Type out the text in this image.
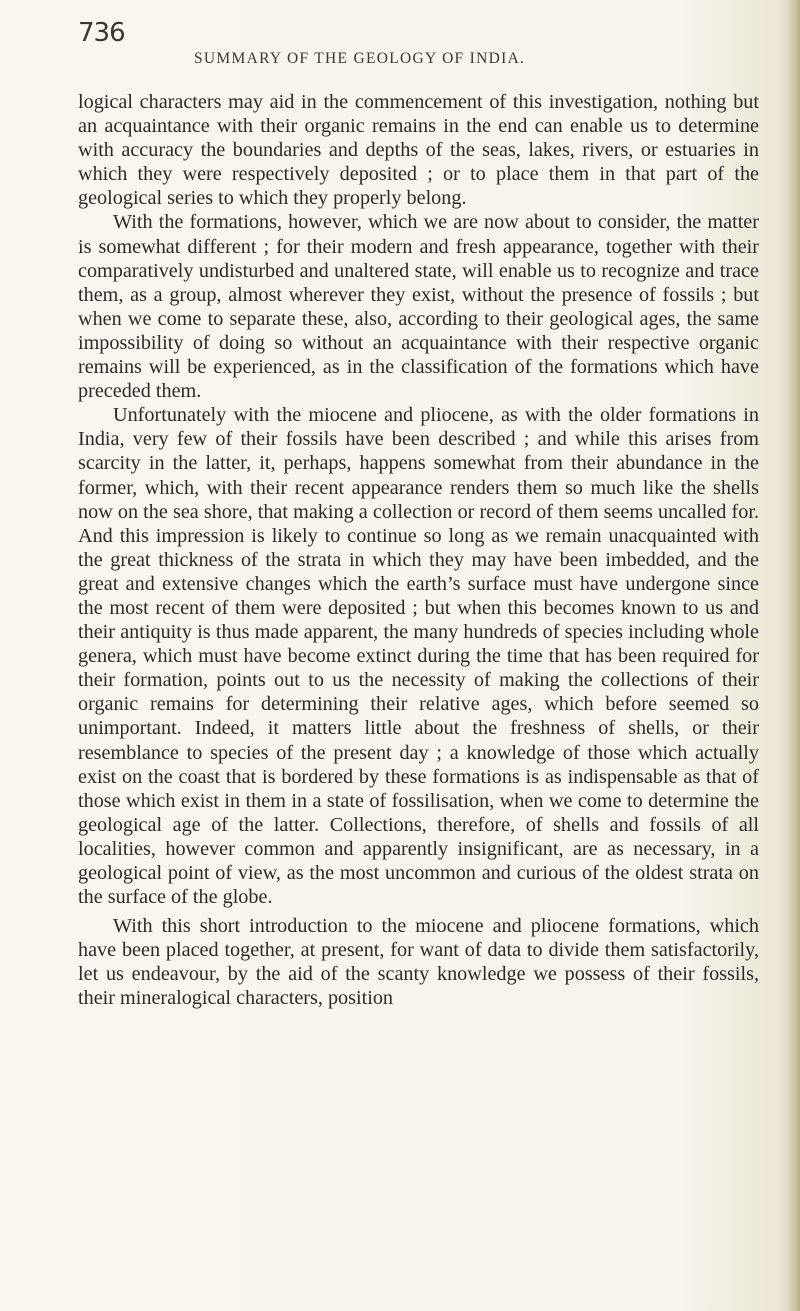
736
SUMMARY OF THE GEOLOGY OF INDIA.

logical characters may aid in the commencement of this investigation, nothing but an acquaintance with their organic remains in the end can enable us to determine with accuracy the boundaries and depths of the seas, lakes, rivers, or estuaries in which they were respectively deposited ; or to place them in that part of the geological series to which they properly belong.

With the formations, however, which we are now about to consider, the matter is somewhat different ; for their modern and fresh appearance, together with their comparatively undisturbed and unaltered state, will enable us to recognize and trace them, as a group, almost wherever they exist, without the presence of fossils ; but when we come to separate these, also, according to their geological ages, the same impossibility of doing so without an acquaintance with their respective organic remains will be experienced, as in the classification of the formations which have preceded them.

Unfortunately with the miocene and pliocene, as with the older formations in India, very few of their fossils have been described ; and while this arises from scarcity in the latter, it, perhaps, happens somewhat from their abundance in the former, which, with their recent appearance renders them so much like the shells now on the sea shore, that making a collection or record of them seems uncalled for. And this impression is likely to continue so long as we remain unacquainted with the great thickness of the strata in which they may have been imbedded, and the great and extensive changes which the earth’s surface must have undergone since the most recent of them were deposited ; but when this becomes known to us and their antiquity is thus made apparent, the many hundreds of species including whole genera, which must have become extinct during the time that has been required for their formation, points out to us the necessity of making the collections of their organic remains for determining their relative ages, which before seemed so unimportant. Indeed, it matters little about the freshness of shells, or their resemblance to species of the present day ; a knowledge of those which actually exist on the coast that is bordered by these formations is as indispensable as that of those which exist in them in a state of fossilisation, when we come to determine the geological age of the latter. Collections, therefore, of shells and fossils of all localities, however common and apparently insignificant, are as necessary, in a geological point of view, as the most uncommon and curious of the oldest strata on the surface of the globe.

With this short introduction to the miocene and pliocene formations, which have been placed together, at present, for want of data to divide them satisfactorily, let us endeavour, by the aid of the scanty knowledge we possess of their fossils, their mineralogical characters, position
